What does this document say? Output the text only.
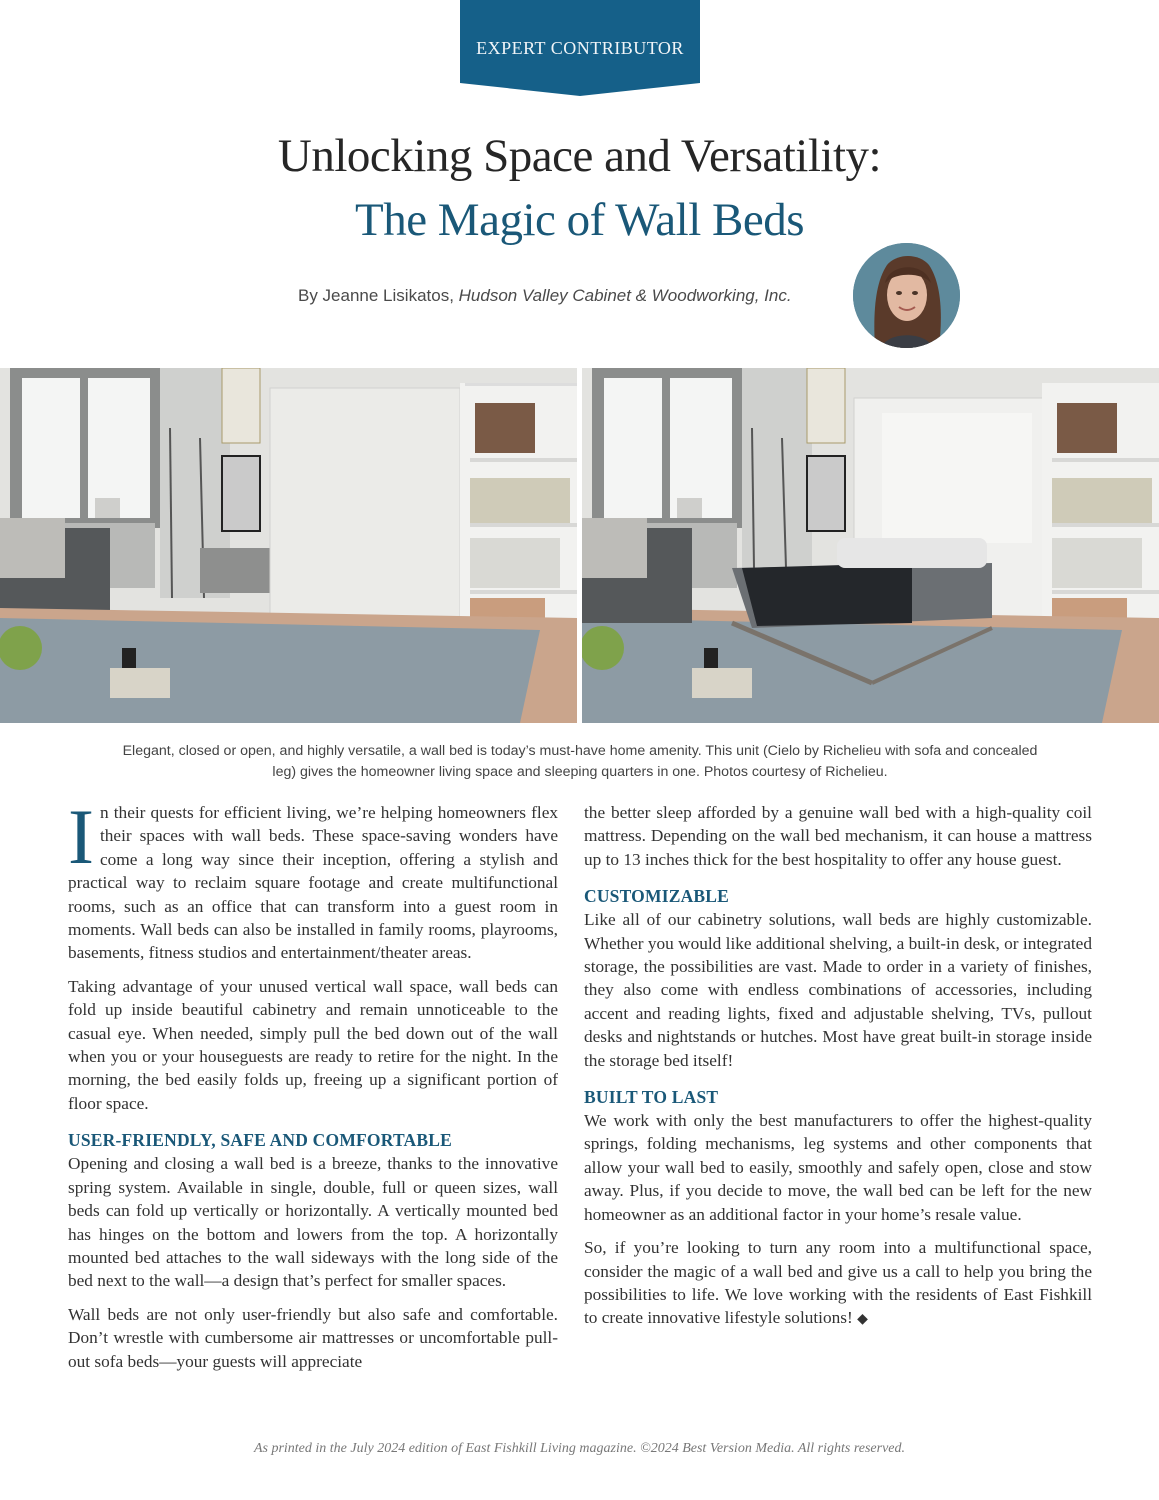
EXPERT CONTRIBUTOR
Unlocking Space and Versatility:
The Magic of Wall Beds
By Jeanne Lisikatos, Hudson Valley Cabinet & Woodworking, Inc.
Elegant, closed or open, and highly versatile, a wall bed is today’s must-have home amenity. This unit (Cielo by Richelieu with sofa and concealed leg) gives the homeowner living space and sleeping quarters in one. Photos courtesy of Richelieu.

In their quests for efficient living, we’re helping homeowners flex their spaces with wall beds. These space-saving wonders have come a long way since their inception, offering a stylish and practical way to reclaim square footage and create multifunctional rooms, such as an office that can transform into a guest room in moments. Wall beds can also be installed in family rooms, playrooms, basements, fitness studios and entertainment/theater areas.

Taking advantage of your unused vertical wall space, wall beds can fold up inside beautiful cabinetry and remain unnoticeable to the casual eye. When needed, simply pull the bed down out of the wall when you or your houseguests are ready to retire for the night. In the morning, the bed easily folds up, freeing up a significant portion of floor space.

USER-FRIENDLY, SAFE AND COMFORTABLE

Opening and closing a wall bed is a breeze, thanks to the innovative spring system. Available in single, double, full or queen sizes, wall beds can fold up vertically or horizontally. A vertically mounted bed has hinges on the bottom and lowers from the top. A horizontally mounted bed attaches to the wall sideways with the long side of the bed next to the wall—a design that’s perfect for smaller spaces.

Wall beds are not only user-friendly but also safe and comfortable. Don’t wrestle with cumbersome air mattresses or uncomfortable pull-out sofa beds—your guests will appreciate

the better sleep afforded by a genuine wall bed with a high-quality coil mattress. Depending on the wall bed mechanism, it can house a mattress up to 13 inches thick for the best hospitality to offer any house guest.

CUSTOMIZABLE

Like all of our cabinetry solutions, wall beds are highly customizable. Whether you would like additional shelving, a built-in desk, or integrated storage, the possibilities are vast. Made to order in a variety of finishes, they also come with endless combinations of accessories, including accent and reading lights, fixed and adjustable shelving, TVs, pullout desks and nightstands or hutches. Most have great built-in storage inside the storage bed itself!

BUILT TO LAST

We work with only the best manufacturers to offer the highest-quality springs, folding mechanisms, leg systems and other components that allow your wall bed to easily, smoothly and safely open, close and stow away. Plus, if you decide to move, the wall bed can be left for the new homeowner as an additional factor in your home’s resale value.

So, if you’re looking to turn any room into a multifunctional space, consider the magic of a wall bed and give us a call to help you bring the possibilities to life. We love working with the residents of East Fishkill to create innovative lifestyle solutions! ◆

As printed in the July 2024 edition of East Fishkill Living magazine. ©2024 Best Version Media. All rights reserved.
